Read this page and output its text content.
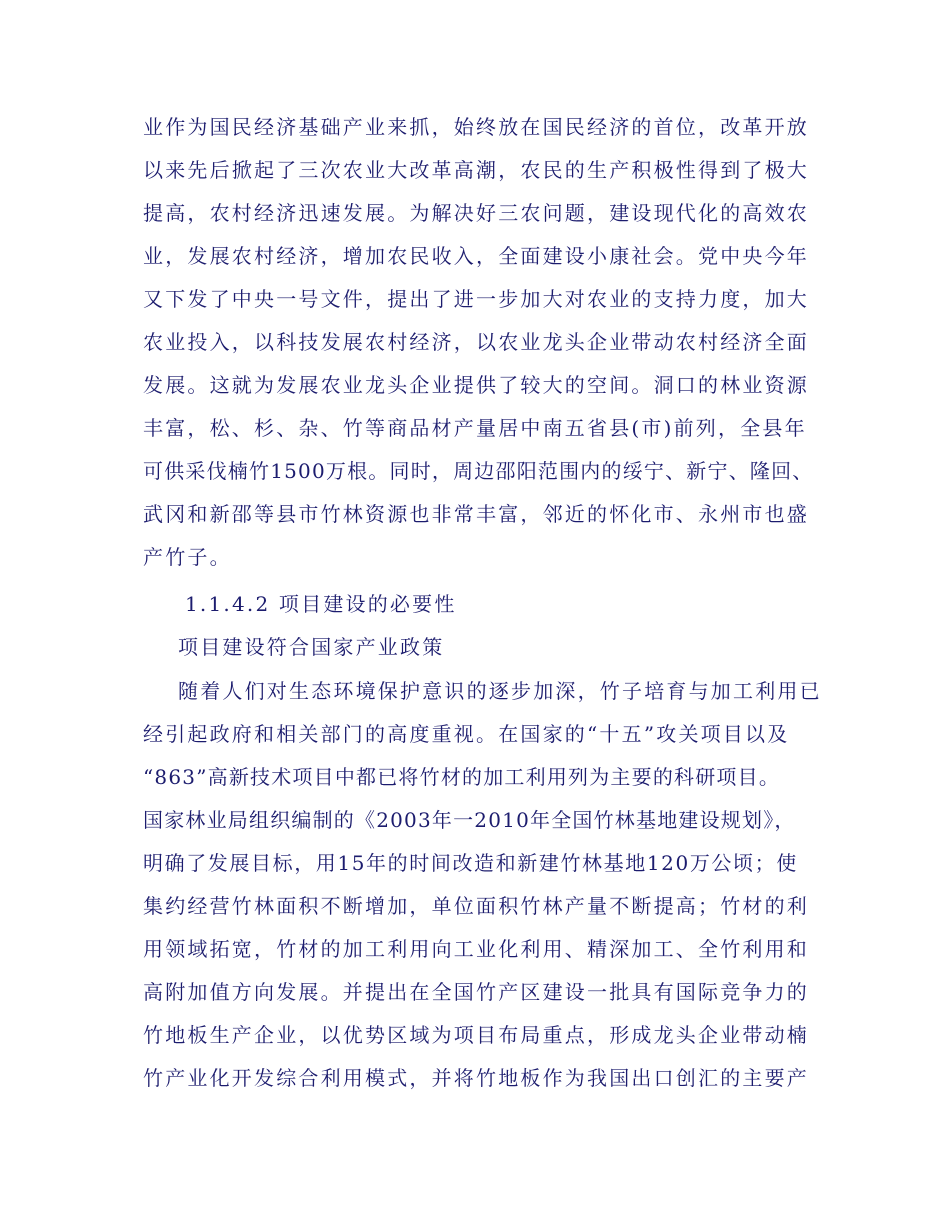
业作为国民经济基础产业来抓，始终放在国民经济的首位，改革开放
以来先后掀起了三次农业大改革高潮，农民的生产积极性得到了极大
提高，农村经济迅速发展。为解决好三农问题，建设现代化的高效农
业，发展农村经济，增加农民收入，全面建设小康社会。党中央今年
又下发了中央一号文件，提出了进一步加大对农业的支持力度，加大
农业投入，以科技发展农村经济，以农业龙头企业带动农村经济全面
发展。这就为发展农业龙头企业提供了较大的空间。洞口的林业资源
丰富，松、杉、杂、竹等商品材产量居中南五省县(市)前列，全县年
可供采伐楠竹1500万根。同时，周边邵阳范围内的绥宁、新宁、隆回、
武冈和新邵等县市竹林资源也非常丰富，邻近的怀化市、永州市也盛
产竹子。
1.1.4.2 项目建设的必要性
项目建设符合国家产业政策
随着人们对生态环境保护意识的逐步加深，竹子培育与加工利用已
经引起政府和相关部门的高度重视。在国家的“十五”攻关项目以及
“863”高新技术项目中都已将竹材的加工利用列为主要的科研项目。
国家林业局组织编制的《2003年一2010年全国竹林基地建设规划》，
明确了发展目标，用15年的时间改造和新建竹林基地120万公顷；使
集约经营竹林面积不断增加，单位面积竹林产量不断提高；竹材的利
用领域拓宽，竹材的加工利用向工业化利用、精深加工、全竹利用和
高附加值方向发展。并提出在全国竹产区建设一批具有国际竞争力的
竹地板生产企业，以优势区域为项目布局重点，形成龙头企业带动楠
竹产业化开发综合利用模式，并将竹地板作为我国出口创汇的主要产
